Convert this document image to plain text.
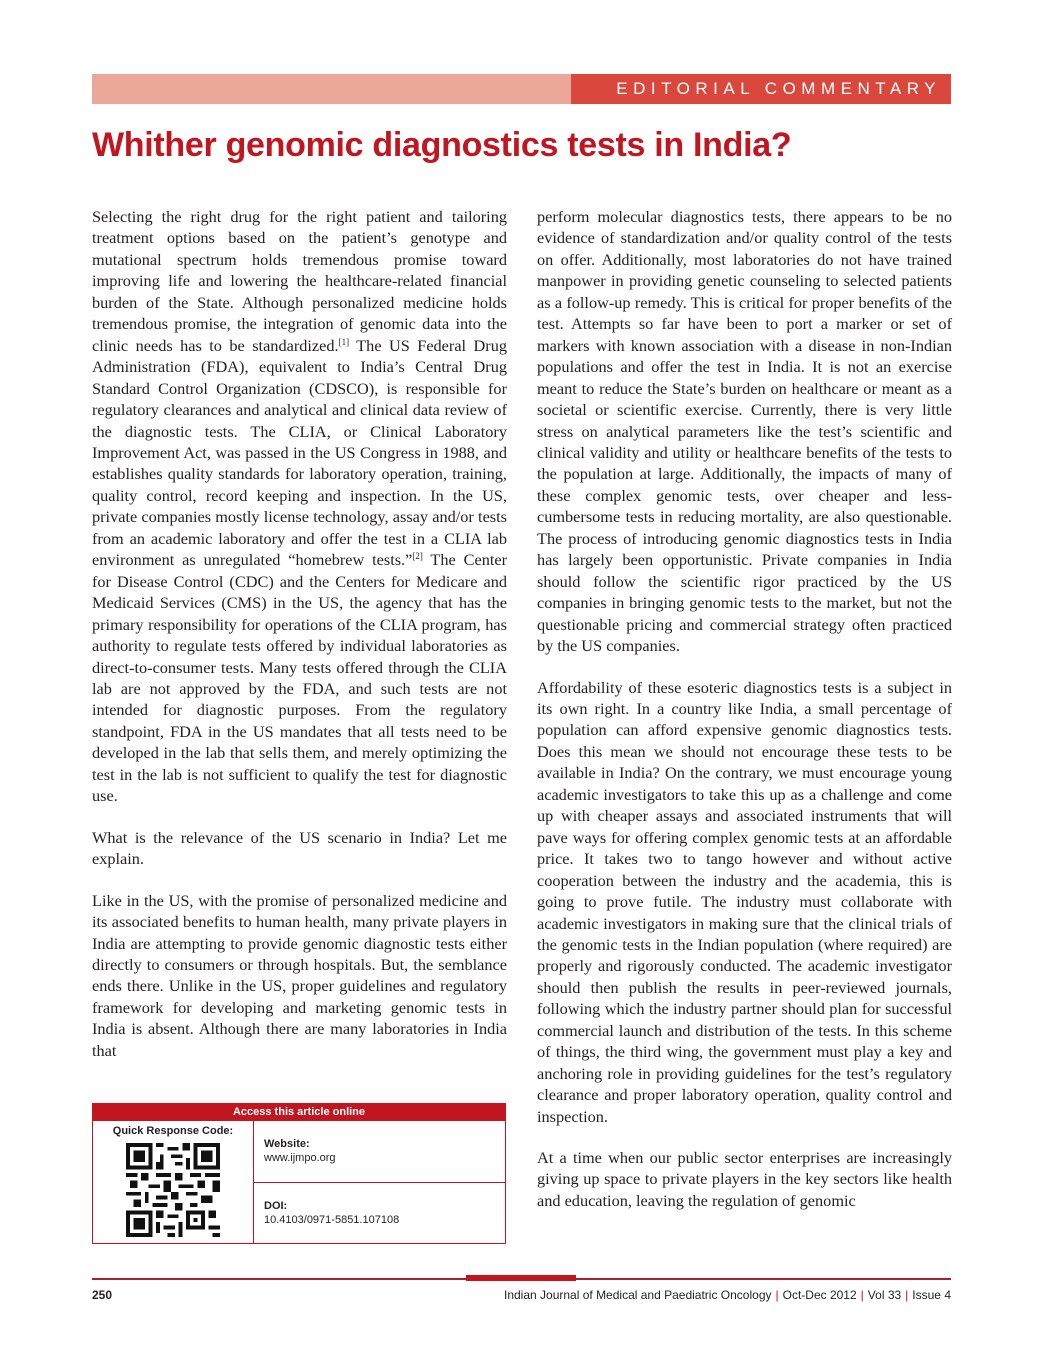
EDITORIAL COMMENTARY
Whither genomic diagnostics tests in India?

Selecting the right drug for the right patient and tailoring treatment options based on the patient’s genotype and mutational spectrum holds tremendous promise toward improving life and lowering the healthcare-related financial burden of the State. Although personalized medicine holds tremendous promise, the integration of genomic data into the clinic needs has to be standardized.[1] The US Federal Drug Administration (FDA), equivalent to India’s Central Drug Standard Control Organization (CDSCO), is responsible for regulatory clearances and analytical and clinical data review of the diagnostic tests. The CLIA, or Clinical Laboratory Improvement Act, was passed in the US Congress in 1988, and establishes quality standards for laboratory operation, training, quality control, record keeping and inspection. In the US, private companies mostly license technology, assay and/or tests from an academic laboratory and offer the test in a CLIA lab environment as unregulated “homebrew tests.”[2] The Center for Disease Control (CDC) and the Centers for Medicare and Medicaid Services (CMS) in the US, the agency that has the primary responsibility for operations of the CLIA program, has authority to regulate tests offered by individual laboratories as direct-to-consumer tests. Many tests offered through the CLIA lab are not approved by the FDA, and such tests are not intended for diagnostic purposes. From the regulatory standpoint, FDA in the US mandates that all tests need to be developed in the lab that sells them, and merely optimizing the test in the lab is not sufficient to qualify the test for diagnostic use.

What is the relevance of the US scenario in India? Let me explain.

Like in the US, with the promise of personalized medicine and its associated benefits to human health, many private players in India are attempting to provide genomic diagnostic tests either directly to consumers or through hospitals. But, the semblance ends there. Unlike in the US, proper guidelines and regulatory framework for developing and marketing genomic tests in India is absent. Although there are many laboratories in India that

perform molecular diagnostics tests, there appears to be no evidence of standardization and/or quality control of the tests on offer. Additionally, most laboratories do not have trained manpower in providing genetic counseling to selected patients as a follow-up remedy. This is critical for proper benefits of the test. Attempts so far have been to port a marker or set of markers with known association with a disease in non-Indian populations and offer the test in India. It is not an exercise meant to reduce the State’s burden on healthcare or meant as a societal or scientific exercise. Currently, there is very little stress on analytical parameters like the test’s scientific and clinical validity and utility or healthcare benefits of the tests to the population at large. Additionally, the impacts of many of these complex genomic tests, over cheaper and less-cumbersome tests in reducing mortality, are also questionable. The process of introducing genomic diagnostics tests in India has largely been opportunistic. Private companies in India should follow the scientific rigor practiced by the US companies in bringing genomic tests to the market, but not the questionable pricing and commercial strategy often practiced by the US companies.

Affordability of these esoteric diagnostics tests is a subject in its own right. In a country like India, a small percentage of population can afford expensive genomic diagnostics tests. Does this mean we should not encourage these tests to be available in India? On the contrary, we must encourage young academic investigators to take this up as a challenge and come up with cheaper assays and associated instruments that will pave ways for offering complex genomic tests at an affordable price. It takes two to tango however and without active cooperation between the industry and the academia, this is going to prove futile. The industry must collaborate with academic investigators in making sure that the clinical trials of the genomic tests in the Indian population (where required) are properly and rigorously conducted. The academic investigator should then publish the results in peer-reviewed journals, following which the industry partner should plan for successful commercial launch and distribution of the tests. In this scheme of things, the third wing, the government must play a key and anchoring role in providing guidelines for the test’s regulatory clearance and proper laboratory operation, quality control and inspection.

At a time when our public sector enterprises are increasingly giving up space to private players in the key sectors like health and education, leaving the regulation of genomic

Access this article online
Quick Response Code:
Website:
www.ijmpo.org
DOI:
10.4103/0971-5851.107108
250	Indian Journal of Medical and Paediatric Oncology | Oct-Dec 2012 | Vol 33 | Issue 4
